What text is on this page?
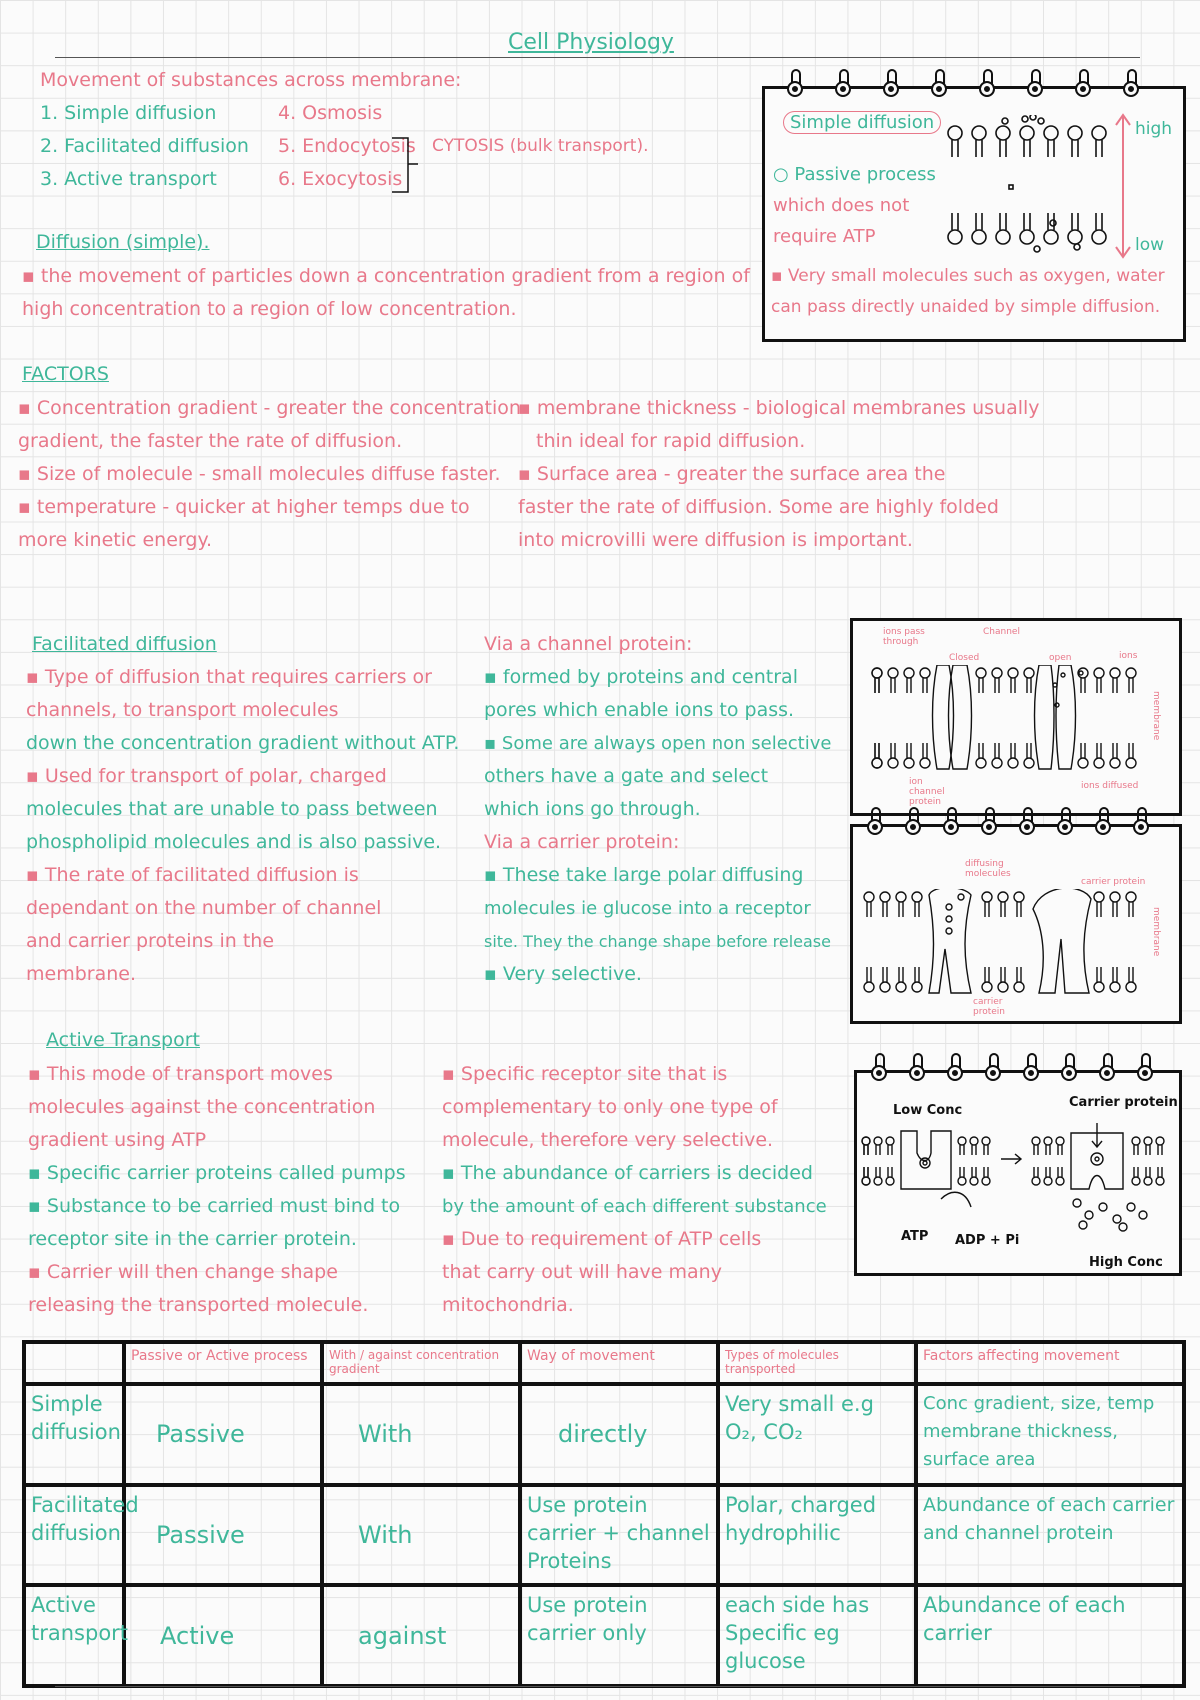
Cell Physiology
Movement of substances across membrane:
1. Simple diffusion
2. Facilitated diffusion
3. Active transport
4. Osmosis
5. Endocytosis
6. Exocytosis
CYTOSIS (bulk transport).
Diffusion (simple).
▪ the movement of particles down a concentration gradient from a region of
high concentration to a region of low concentration.
Simple diffusion
○ Passive process
which does not
require ATP
high
low
▪ Very small molecules such as oxygen, water
can pass directly unaided by simple diffusion.
FACTORS
▪ Concentration gradient - greater the concentration
gradient, the faster the rate of diffusion.
▪ Size of molecule - small molecules diffuse faster.
▪ temperature - quicker at higher temps due to
more kinetic energy.
▪ membrane thickness - biological membranes usually
thin ideal for rapid diffusion.
▪ Surface area - greater the surface area the
faster the rate of diffusion. Some are highly folded
into microvilli were diffusion is important.
Facilitated diffusion
▪ Type of diffusion that requires carriers or
channels, to transport molecules
down the concentration gradient without ATP.
▪ Used for transport of polar, charged
molecules that are unable to pass between
phospholipid molecules and is also passive.
▪ The rate of facilitated diffusion is
dependant on the number of channel
and carrier proteins in the
membrane.
Via a channel protein:
▪ formed by proteins and central
pores which enable ions to pass.
▪ Some are always open non selective
others have a gate and select
which ions go through.
Via a carrier protein:
▪ These take large polar diffusing
molecules ie glucose into a receptor
site. They the change shape before release
▪ Very selective.
ions pass through
Channel
Closed	open	ions
membrane
ion channel protein
ions diffused
diffusing molecules
carrier protein
membrane
carrier protein
Active Transport
▪ This mode of transport moves
molecules against the concentration
gradient using ATP
▪ Specific carrier proteins called pumps
▪ Substance to be carried must bind to
receptor site in the carrier protein.
▪ Carrier will then change shape
releasing the transported molecule.
▪ Specific receptor site that is
complementary to only one type of
molecule, therefore very selective.
▪ The abundance of carriers is decided
by the amount of each different substance
▪ Due to requirement of ATP cells
that carry out will have many
mitochondria.
Low Conc
Carrier protein
ATP ADP + Pi
High Conc
	Passive or Active process	With / against concentration gradient	Way of movement	Types of molecules transported	Factors affecting movement
Simple diffusion	Passive	With	directly	Very small e.g O₂, CO₂	Conc gradient, size, temp membrane thickness, surface area
Facilitated diffusion	Passive	With	Use protein carrier + channel Proteins	Polar, charged hydrophilic	Abundance of each carrier and channel protein
Active transport	Active	against	Use protein carrier only	each side has Specific eg glucose	Abundance of each carrier
